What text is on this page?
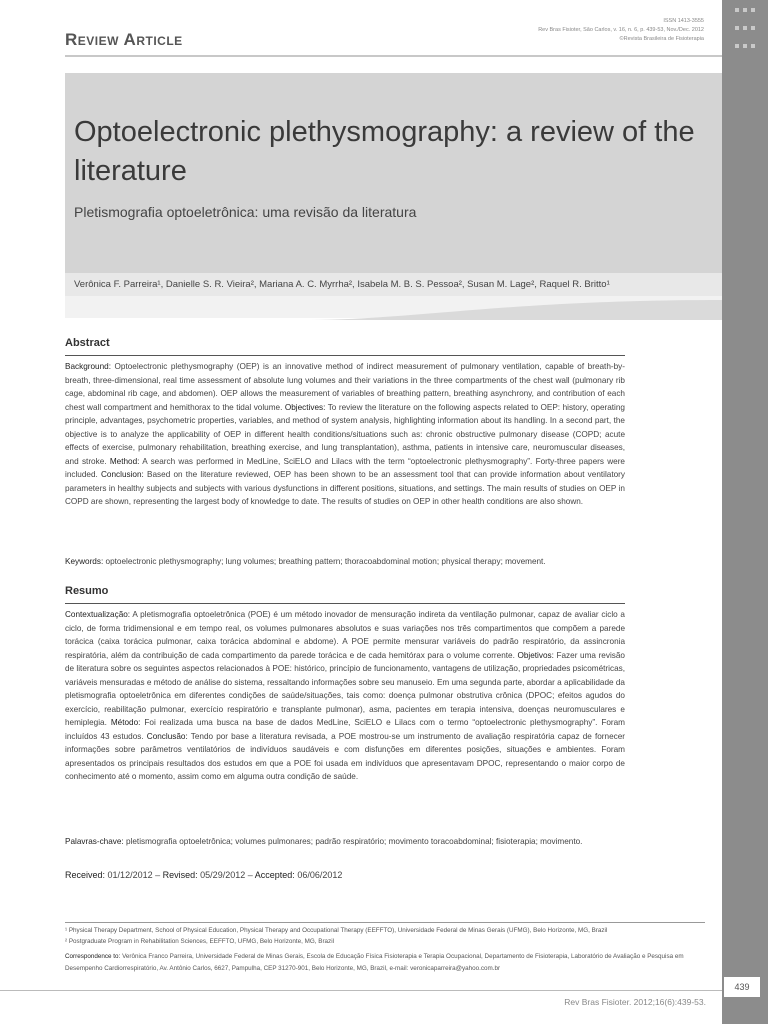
Review Article
ISSN 1413-3555
Rev Bras Fisioter, São Carlos, v. 16, n. 6, p. 439-53, Nov./Dec. 2012
©Revista Brasileira de Fisioterapia
Optoelectronic plethysmography: a review of the literature
Pletismografia optoeletrônica: uma revisão da literatura
Verônica F. Parreira¹, Danielle S. R. Vieira², Mariana A. C. Myrrha², Isabela M. B. S. Pessoa², Susan M. Lage², Raquel R. Britto¹
Abstract
Background: Optoelectronic plethysmography (OEP) is an innovative method of indirect measurement of pulmonary ventilation, capable of breath-by-breath, three-dimensional, real time assessment of absolute lung volumes and their variations in the three compartments of the chest wall (pulmonary rib cage, abdominal rib cage, and abdomen). OEP allows the measurement of variables of breathing pattern, breathing asynchrony, and contribution of each chest wall compartment and hemithorax to the tidal volume. Objectives: To review the literature on the following aspects related to OEP: history, operating principle, advantages, psychometric properties, variables, and method of system analysis, highlighting information about its handling. In a second part, the objective is to analyze the applicability of OEP in different health conditions/situations such as: chronic obstructive pulmonary disease (COPD; acute effects of exercise, pulmonary rehabilitation, breathing exercise, and lung transplantation), asthma, patients in intensive care, neuromuscular diseases, and stroke. Method: A search was performed in MedLine, SciELO and Lilacs with the term “optoelectronic plethysmography”. Forty-three papers were included. Conclusion: Based on the literature reviewed, OEP has been shown to be an assessment tool that can provide information about ventilatory parameters in healthy subjects and subjects with various dysfunctions in different positions, situations, and settings. The main results of studies on OEP in COPD are shown, representing the largest body of knowledge to date. The results of studies on OEP in other health conditions are also shown.
Keywords: optoelectronic plethysmography; lung volumes; breathing pattern; thoracoabdominal motion; physical therapy; movement.
Resumo
Contextualização: A pletismografia optoeletrônica (POE) é um método inovador de mensuração indireta da ventilação pulmonar, capaz de avaliar ciclo a ciclo, de forma tridimensional e em tempo real, os volumes pulmonares absolutos e suas variações nos três compartimentos que compõem a parede torácica (caixa torácica pulmonar, caixa torácica abdominal e abdome). A POE permite mensurar variáveis do padrão respiratório, da assincronia respiratória, além da contribuição de cada compartimento da parede torácica e de cada hemitórax para o volume corrente. Objetivos: Fazer uma revisão de literatura sobre os seguintes aspectos relacionados à POE: histórico, princípio de funcionamento, vantagens de utilização, propriedades psicométricas, variáveis mensuradas e método de análise do sistema, ressaltando informações sobre seu manuseio. Em uma segunda parte, abordar a aplicabilidade da pletismografia optoeletrônica em diferentes condições de saúde/situações, tais como: doença pulmonar obstrutiva crônica (DPOC; efeitos agudos do exercício, reabilitação pulmonar, exercício respiratório e transplante pulmonar), asma, pacientes em terapia intensiva, doenças neuromusculares e hemiplegia. Método: Foi realizada uma busca na base de dados MedLine, SciELO e Lilacs com o termo “optoelectronic plethysmography”. Foram incluídos 43 estudos. Conclusão: Tendo por base a literatura revisada, a POE mostrou-se um instrumento de avaliação respiratória capaz de fornecer informações sobre parâmetros ventilatórios de indivíduos saudáveis e com disfunções em diferentes posições, situações e ambientes. Foram apresentados os principais resultados dos estudos em que a POE foi usada em indivíduos que apresentavam DPOC, representando o maior corpo de conhecimento até o momento, assim como em alguma outra condição de saúde.
Palavras-chave: pletismografia optoeletrônica; volumes pulmonares; padrão respiratório; movimento toracoabdominal; fisioterapia; movimento.
Received: 01/12/2012 – Revised: 05/29/2012 – Accepted: 06/06/2012
¹ Physical Therapy Department, School of Physical Education, Physical Therapy and Occupational Therapy (EEFFTO), Universidade Federal de Minas Gerais (UFMG), Belo Horizonte, MG, Brazil
² Postgraduate Program in Rehabilitation Sciences, EEFFTO, UFMG, Belo Horizonte, MG, Brazil
Correspondence to: Verônica Franco Parreira, Universidade Federal de Minas Gerais, Escola de Educação Física Fisioterapia e Terapia Ocupacional, Departamento de Fisioterapia, Laboratório de Avaliação e Pesquisa em Desempenho Cardiorrespiratório, Av. Antônio Carlos, 6627, Pampulha, CEP 31270-901, Belo Horizonte, MG, Brazil, e-mail: veronicaparreira@yahoo.com.br
439
Rev Bras Fisioter. 2012;16(6):439-53.
